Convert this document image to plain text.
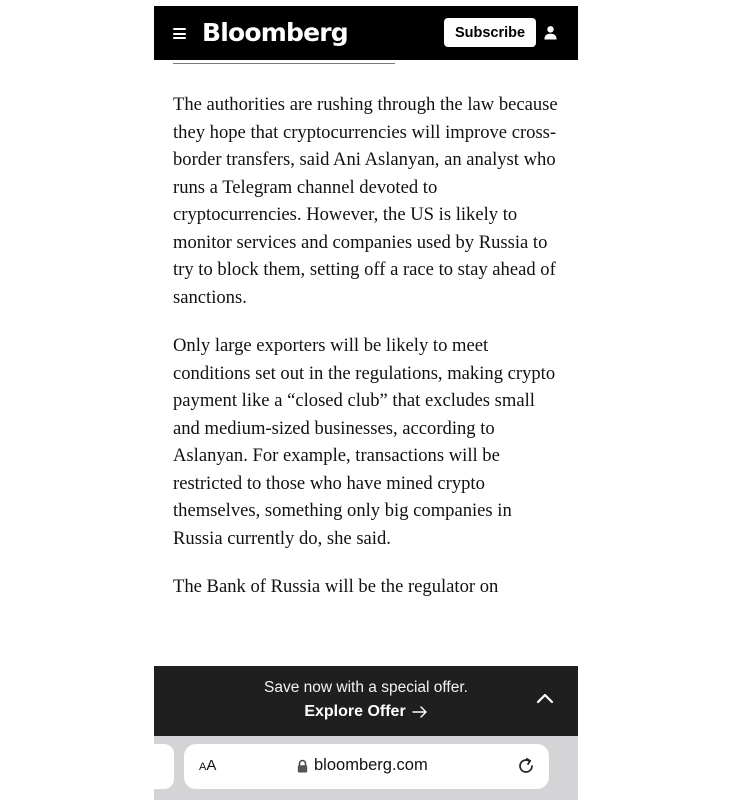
Bloomberg	Subscribe

The authorities are rushing through the law because they hope that cryptocurrencies will improve cross-border transfers, said Ani Aslanyan, an analyst who runs a Telegram channel devoted to cryptocurrencies. However, the US is likely to monitor services and companies used by Russia to try to block them, setting off a race to stay ahead of sanctions.

Only large exporters will be likely to meet conditions set out in the regulations, making crypto payment like a “closed club” that excludes small and medium-sized businesses, according to Aslanyan. For example, transactions will be restricted to those who have mined crypto themselves, something only big companies in Russia currently do, she said.

The Bank of Russia will be the regulator on

Save now with a special offer.
Explore Offer
AA	bloomberg.com
